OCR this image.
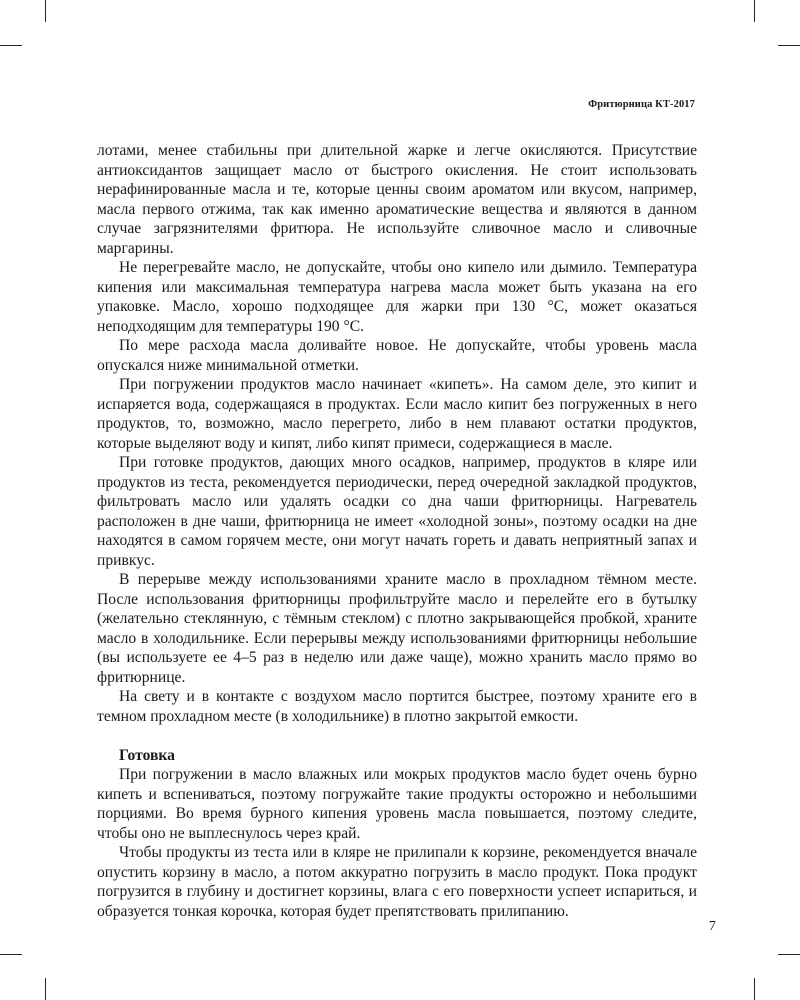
Фритюрница КТ-2017

лотами, менее стабильны при длительной жарке и легче окисляются. Присутствие антиоксидантов защищает масло от быстрого окисления. Не стоит использовать нерафинированные масла и те, которые ценны своим ароматом или вкусом, например, масла первого отжима, так как именно ароматические вещества и являются в данном случае загрязнителями фритюра. Не используйте сливочное масло и сливочные маргарины.

Не перегревайте масло, не допускайте, чтобы оно кипело или дымило. Температура кипения или максимальная температура нагрева масла может быть указана на его упаковке. Масло, хорошо подходящее для жарки при 130 °С, может оказаться неподходящим для температуры 190 °С.

По мере расхода масла доливайте новое. Не допускайте, чтобы уровень масла опускался ниже минимальной отметки.

При погружении продуктов масло начинает «кипеть». На самом деле, это кипит и испаряется вода, содержащаяся в продуктах. Если масло кипит без погруженных в него продуктов, то, возможно, масло перегрето, либо в нем плавают остатки продуктов, которые выделяют воду и кипят, либо кипят примеси, содержащиеся в масле.

При готовке продуктов, дающих много осадков, например, продуктов в кляре или продуктов из теста, рекомендуется периодически, перед очередной закладкой продуктов, фильтровать масло или удалять осадки со дна чаши фритюрницы. Нагреватель расположен в дне чаши, фритюрница не имеет «холодной зоны», поэтому осадки на дне находятся в самом горячем месте, они могут начать гореть и давать неприятный запах и привкус.

В перерыве между использованиями храните масло в прохладном тёмном месте. После использования фритюрницы профильтруйте масло и перелейте его в бутылку (желательно стеклянную, с тёмным стеклом) с плотно закрывающейся пробкой, храните масло в холодильнике. Если перерывы между использованиями фритюрницы небольшие (вы используете ее 4–5 раз в неделю или даже чаще), можно хранить масло прямо во фритюрнице.

На свету и в контакте с воздухом масло портится быстрее, поэтому храните его в темном прохладном месте (в холодильнике) в плотно закрытой емкости.

Готовка

При погружении в масло влажных или мокрых продуктов масло будет очень бурно кипеть и вспениваться, поэтому погружайте такие продукты осторожно и небольшими порциями. Во время бурного кипения уровень масла повышается, поэтому следите, чтобы оно не выплеснулось через край.

Чтобы продукты из теста или в кляре не прилипали к корзине, рекомендуется вначале опустить корзину в масло, а потом аккуратно погрузить в масло продукт. Пока продукт погрузится в глубину и достигнет корзины, влага с его поверхности успеет испариться, и образуется тонкая корочка, которая будет препятствовать прилипанию.

7
